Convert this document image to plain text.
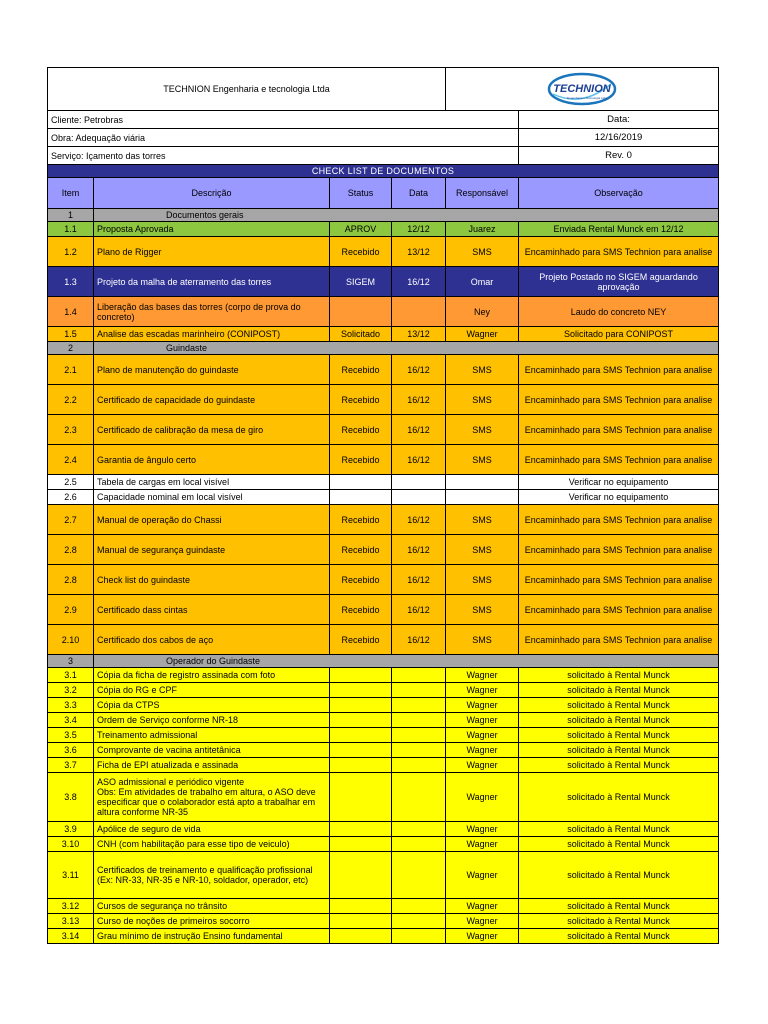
TECHNION Engenharia e tecnologia Ltda				TECHNION
Engenharia e Tecnologia Ltda	

Cliente: Petrobras					Data:
Obra: Adequação viária					12/16/2019
Serviço: Içamento das torres					Rev. 0
CHECK LIST DE DOCUMENTOS					
Item	Descrição	Status	Data	Responsável	Observação
1	Documentos gerais				
1.1	Proposta Aprovada	APROV	12/12	Juarez	Enviada Rental Munck em 12/12
1.2	Plano de Rigger	Recebido	13/12	SMS	Encaminhado para SMS Technion para analise
1.3	Projeto da malha de aterramento das torres	SIGEM	16/12	Omar	Projeto Postado no SIGEM aguardando aprovação
1.4	Liberação das bases das torres (corpo de prova do concreto)			Ney	Laudo do concreto NEY
1.5	Analise das escadas marinheiro (CONIPOST)	Solicitado	13/12	Wagner	Solicitado para CONIPOST
2	Guindaste				
2.1	Plano de manutenção do guindaste	Recebido	16/12	SMS	Encaminhado para SMS Technion para analise
2.2	Certificado de capacidade do guindaste	Recebido	16/12	SMS	Encaminhado para SMS Technion para analise
2.3	Certificado de calibração da mesa de giro	Recebido	16/12	SMS	Encaminhado para SMS Technion para analise
2.4	Garantia de ângulo certo	Recebido	16/12	SMS	Encaminhado para SMS Technion para analise
2.5	Tabela de cargas em local visível				Verificar no equipamento
2.6	Capacidade nominal em local visível				Verificar no equipamento
2.7	Manual de operação do Chassi	Recebido	16/12	SMS	Encaminhado para SMS Technion para analise
2.8	Manual de segurança guindaste	Recebido	16/12	SMS	Encaminhado para SMS Technion para analise
2.8	Check list do guindaste	Recebido	16/12	SMS	Encaminhado para SMS Technion para analise
2.9	Certificado dass cintas	Recebido	16/12	SMS	Encaminhado para SMS Technion para analise
2.10	Certificado dos cabos de aço	Recebido	16/12	SMS	Encaminhado para SMS Technion para analise
3	Operador do Guindaste				
3.1	Cópia da ficha de registro assinada com foto			Wagner	solicitado à Rental Munck
3.2	Cópia do RG e CPF			Wagner	solicitado à Rental Munck
3.3	Cópia da CTPS			Wagner	solicitado à Rental Munck
3.4	Ordem de Serviço conforme NR-18			Wagner	solicitado à Rental Munck
3.5	Treinamento admissional			Wagner	solicitado à Rental Munck
3.6	Comprovante de vacina antitetânica			Wagner	solicitado à Rental Munck
3.7	Ficha de EPI atualizada e assinada			Wagner	solicitado à Rental Munck
3.8	ASO admissional e periódico vigente
Obs: Em atividades de trabalho em altura, o ASO deve especificar que o colaborador está apto a trabalhar em altura conforme NR-35			Wagner	solicitado à Rental Munck
3.9	Apólice de seguro de vida			Wagner	solicitado à Rental Munck
3.10	CNH (com habilitação para esse tipo de veiculo)			Wagner	solicitado à Rental Munck
3.11	Certificados de treinamento e qualificação profissional
(Ex: NR-33, NR-35 e NR-10, soldador, operador, etc)			Wagner	solicitado à Rental Munck
3.12	Cursos de segurança no trânsito			Wagner	solicitado à Rental Munck
3.13	Curso de noções de primeiros socorro			Wagner	solicitado à Rental Munck
3.14	Grau mínimo de instrução Ensino fundamental			Wagner	solicitado à Rental Munck
